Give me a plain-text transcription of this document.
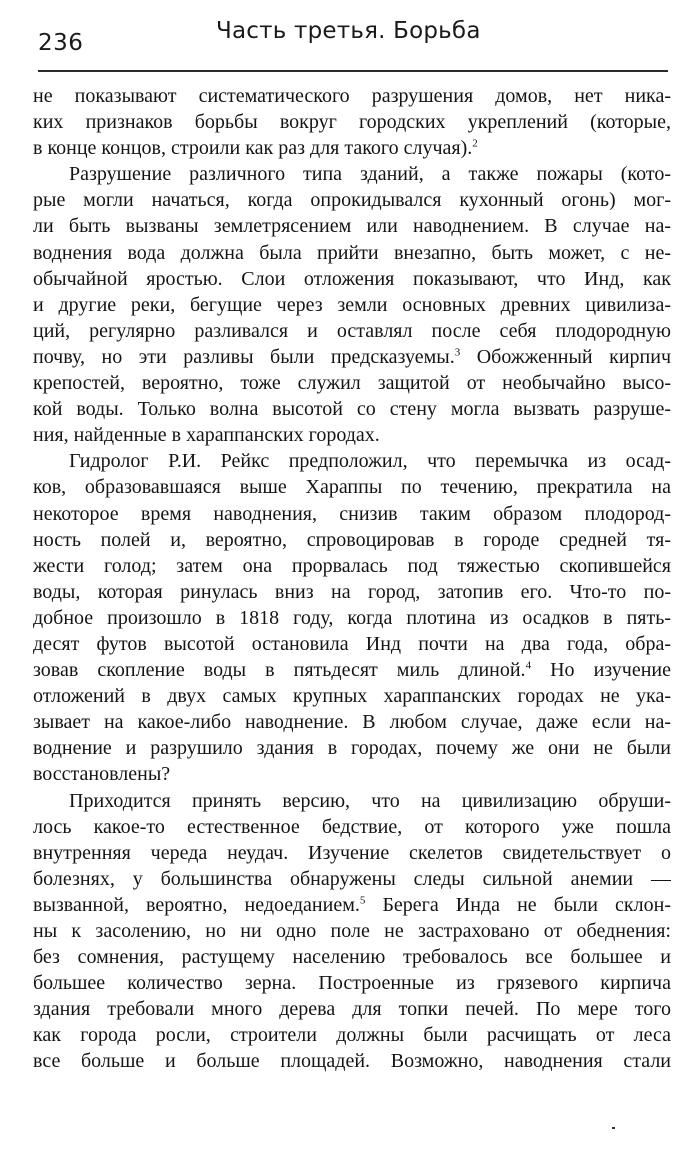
236	Часть третья. Борьба
не показывают систематического разрушения домов, нет ника-
ких признаков борьбы вокруг городских укреплений (которые,
в конце концов, строили как раз для такого случая).$^2$
Разрушение различного типа зданий, а также пожары (кото-
рые могли начаться, когда опрокидывался кухонный огонь) мог-
ли быть вызваны землетрясением или наводнением. В случае на-
воднения вода должна была прийти внезапно, быть может, с не-
обычайной яростью. Слои отложения показывают, что Инд, как
и другие реки, бегущие через земли основных древних цивилиза-
ций, регулярно разливался и оставлял после себя плодородную
почву, но эти разливы были предсказуемы.$^3$ Обожженный кирпич
крепостей, вероятно, тоже служил защитой от необычайно высо-
кой воды. Только волна высотой со стену могла вызвать разруше-
ния, найденные в хараппанских городах.
Гидролог Р.И. Рейкс предположил, что перемычка из осад-
ков, образовавшаяся выше Хараппы по течению, прекратила на
некоторое время наводнения, снизив таким образом плодород-
ность полей и, вероятно, спровоцировав в городе средней тя-
жести голод; затем она прорвалась под тяжестью скопившейся
воды, которая ринулась вниз на город, затопив его. Что-то по-
добное произошло в 1818 году, когда плотина из осадков в пять-
десят футов высотой остановила Инд почти на два года, обра-
зовав скопление воды в пятьдесят миль длиной.$^4$ Но изучение
отложений в двух самых крупных хараппанских городах не ука-
зывает на какое-либо наводнение. В любом случае, даже если на-
воднение и разрушило здания в городах, почему же они не были
восстановлены?
Приходится принять версию, что на цивилизацию обруши-
лось какое-то естественное бедствие, от которого уже пошла
внутренняя череда неудач. Изучение скелетов свидетельствует о
болезнях, у большинства обнаружены следы сильной анемии —
вызванной, вероятно, недоеданием.$^5$ Берега Инда не были склон-
ны к засолению, но ни одно поле не застраховано от обеднения:
без сомнения, растущему населению требовалось все большее и
большее количество зерна. Построенные из грязевого кирпича
здания требовали много дерева для топки печей. По мере того
как города росли, строители должны были расчищать от леса
все больше и больше площадей. Возможно, наводнения стали
